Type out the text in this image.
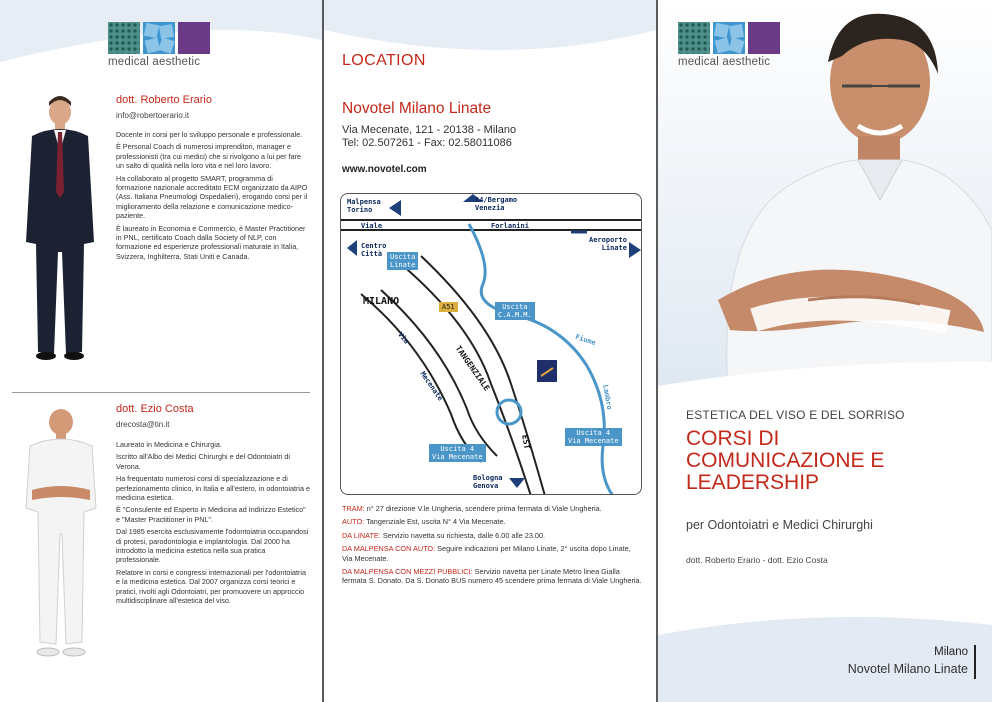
medical aesthetic
dott. Roberto Erario
info@robertoerario.it

Docente in corsi per lo sviluppo personale e professionale.

È Personal Coach di numerosi imprenditori, manager e professionisti (tra cui medici) che si rivolgono a lui per fare un salto di qualità nella loro vita e nel loro lavoro.

Ha collaborato al progetto SMART, programma di formazione nazionale accreditato ECM organizzato da AIPO (Ass. Italiana Pneumologi Ospedalieri), erogando corsi per il miglioramento della relazione e comunicazione medico-paziente.

È laureato in Economia e Commercio, è Master Practitioner in PNL, certificato Coach dalla Society of NLP, con formazione ed esperienze professionali maturate in Italia, Svizzera, Inghilterra, Stati Uniti e Canada.

dott. Ezio Costa
drecosta@tin.it

Laureato in Medicina e Chirurgia.

Iscritto all'Albo dei Medici Chirurghi e del Odontoiatri di Verona.

Ha frequentato numerosi corsi di specializzazione e di perfezionamento clinico, in Italia e all'estero, in odontoiatria e medicina estetica.

È "Consulente ed Esperto in Medicina ad Indirizzo Estetico" e "Master Practitioner in PNL".

Dal 1985 esercita esclusivamente l'odontoiatria occupandosi di protesi, parodontologia e implantologia. Dal 2000 ha introdotto la medicina estetica nella sua pratica professionale.

Relatore in corsi e congressi internazionali per l'odontoiatria e la medicina estetica. Dal 2007 organizza corsi teorici e pratici, rivolti agli Odontoiatri, per promuovere un approccio multidisciplinare all'estetica del viso.

LOCATION
Novotel Milano Linate
Via Mecenate, 121 - 20138 - Milano
Tel: 02.507261 - Fax: 02.58011086
www.novotel.com
Malpensa
Torino
A4/Bergamo
Venezia
Viale	Forlanini
Aeroporto
Linate
Centro
Città	Uscita
Linate
MILANO	A51	Uscita
C.A.M.M.
TANGENZIALE
Fiume
Lambro
Via
Mecenate
EST
Uscita 4
Via Mecenate
Uscita 4
Via Mecenate
Bologna
Genova

TRAM: n° 27 direzione V.le Ungheria, scendere prima fermata di Viale Ungheria.

AUTO: Tangenziale Est, uscita N° 4 Via Mecenate.

DA LINATE: Servizio navetta su richiesta, dalle 6.00 alle 23.00.

DA MALPENSA CON AUTO: Seguire indicazioni per Milano Linate, 2° uscita dopo Linate, Via Mecenate.

DA MALPENSA CON MEZZI PUBBLICI: Servizio navetta per Linate Metro linea Gialla fermata S. Donato. Da S. Donato BUS numero 45 scendere prima fermata di Viale Ungheria.

medical aesthetic
ESTETICA DEL VISO E DEL SORRISO
CORSI DI
COMUNICAZIONE E
LEADERSHIP
per Odontoiatri e Medici Chirurghi
dott. Roberto Erario - dott. Ezio Costa
Milano
Novotel Milano Linate
